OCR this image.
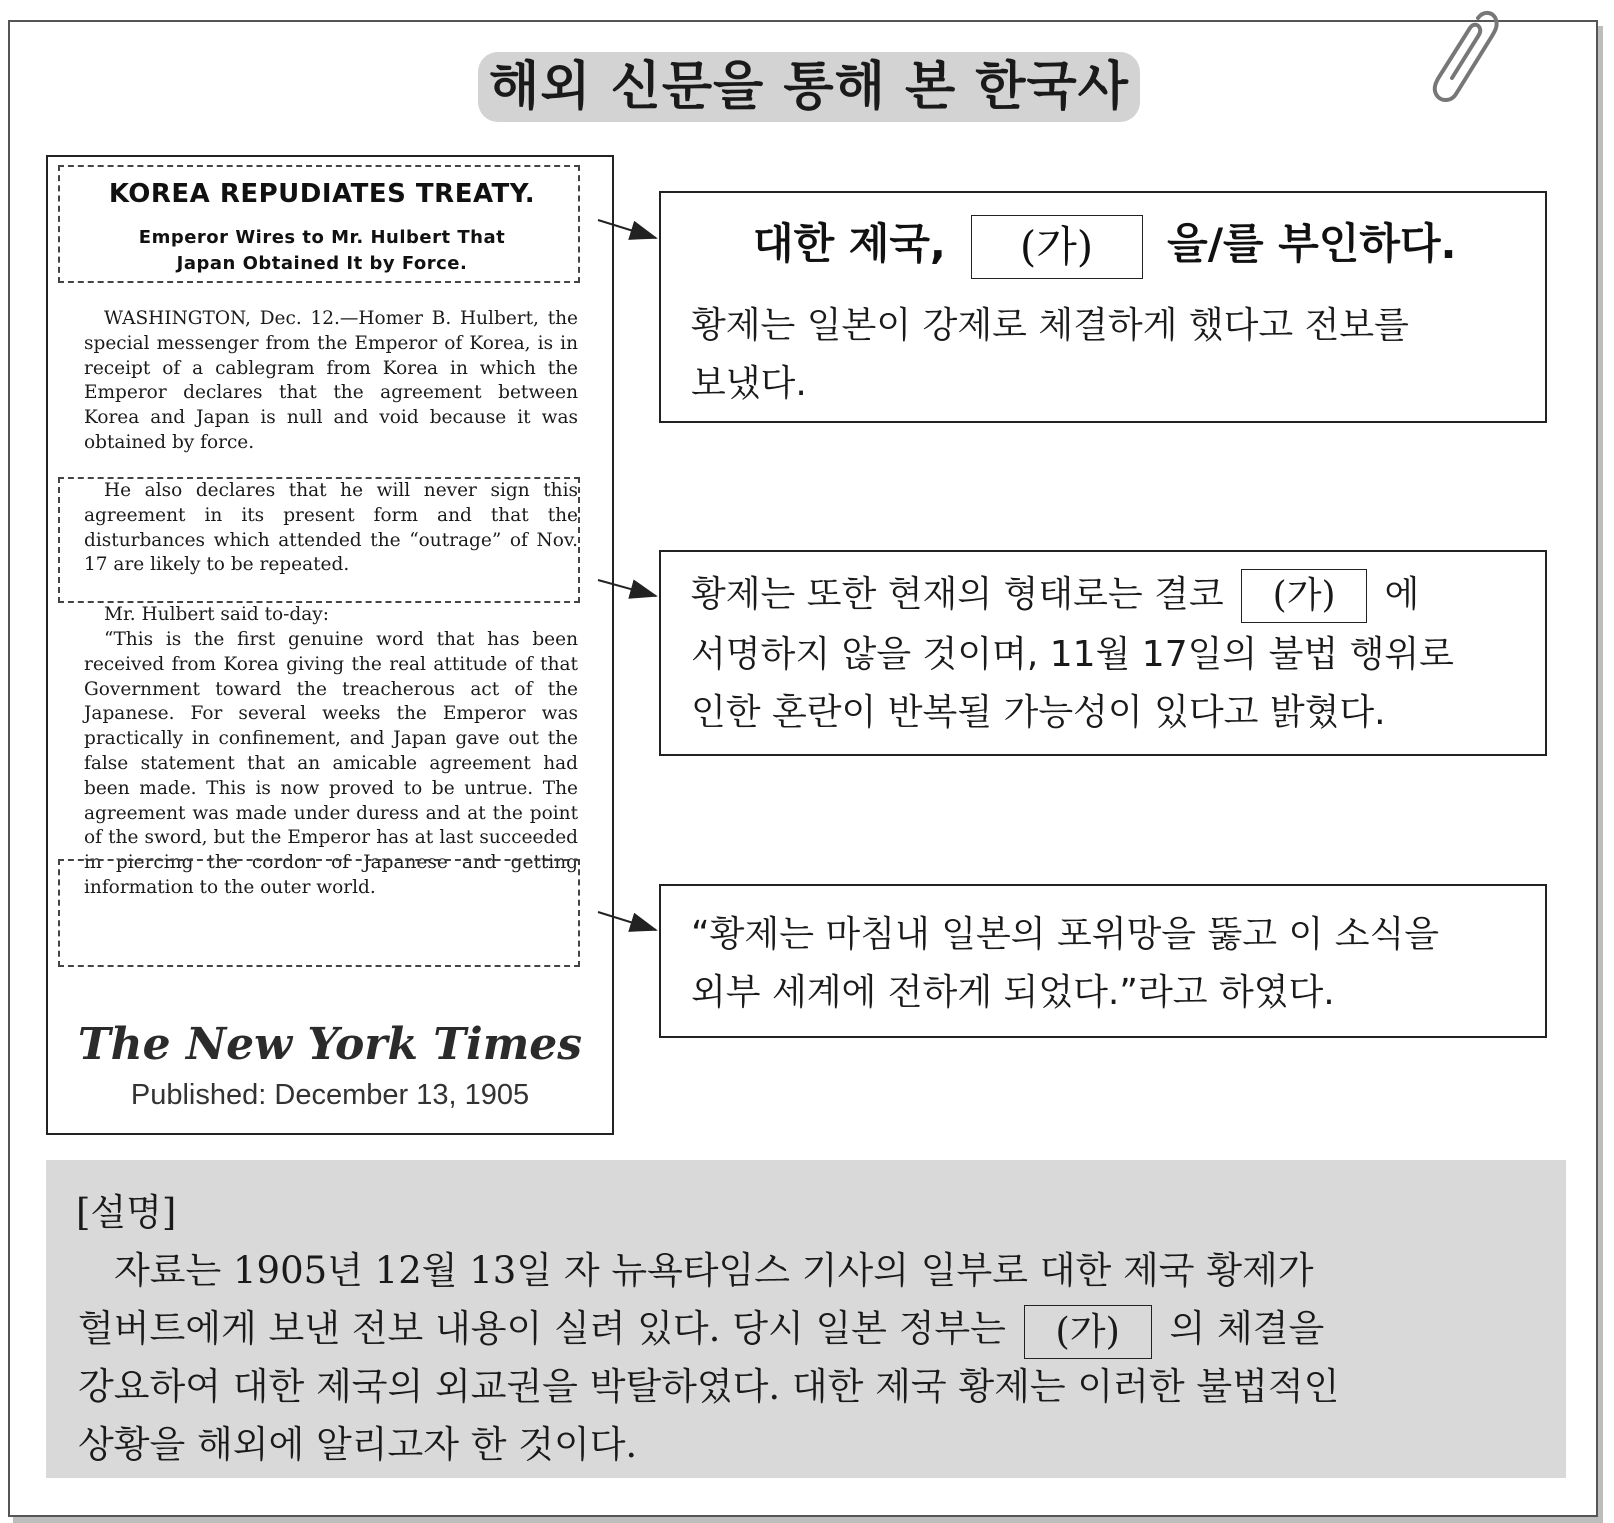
해외 신문을 통해 본 한국사
KOREA REPUDIATES TREATY.
Emperor Wires to Mr. Hulbert That
Japan Obtained It by Force.

WASHINGTON, Dec. 12.—Homer B. Hulbert, the special messenger from the Emperor of Korea, is in receipt of a cablegram from Korea in which the Emperor declares that the agreement between Korea and Japan is null and void because it was obtained by force.

He also declares that he will never sign this agreement in its present form and that the disturbances which attended the “outrage” of Nov. 17 are likely to be repeated.

Mr. Hulbert said to-day:

“This is the first genuine word that has been received from Korea giving the real attitude of that Government toward the treacherous act of the Japanese. For several weeks the Emperor was practically in confinement, and Japan gave out the false statement that an amicable agreement had been made. This is now proved to be untrue. The agreement was made under duress and at the point of the sword, but the Emperor has at last succeeded in piercing the cordon of Japanese and getting information to the outer world.

The New York Times
Published: December 13, 1905
대한 제국, (가) 을/를 부인하다.
황제는 일본이 강제로 체결하게 했다고 전보를
보냈다.
황제는 또한 현재의 형태로는 결코 (가) 에
서명하지 않을 것이며, 11월 17일의 불법 행위로
인한 혼란이 반복될 가능성이 있다고 밝혔다.
“황제는 마침내 일본의 포위망을 뚫고 이 소식을
외부 세계에 전하게 되었다.”라고 하였다.
[설명]
자료는 1905년 12월 13일 자 뉴욕타임스 기사의 일부로 대한 제국 황제가
헐버트에게 보낸 전보 내용이 실려 있다. 당시 일본 정부는 (가) 의 체결을
강요하여 대한 제국의 외교권을 박탈하였다. 대한 제국 황제는 이러한 불법적인
상황을 해외에 알리고자 한 것이다.
